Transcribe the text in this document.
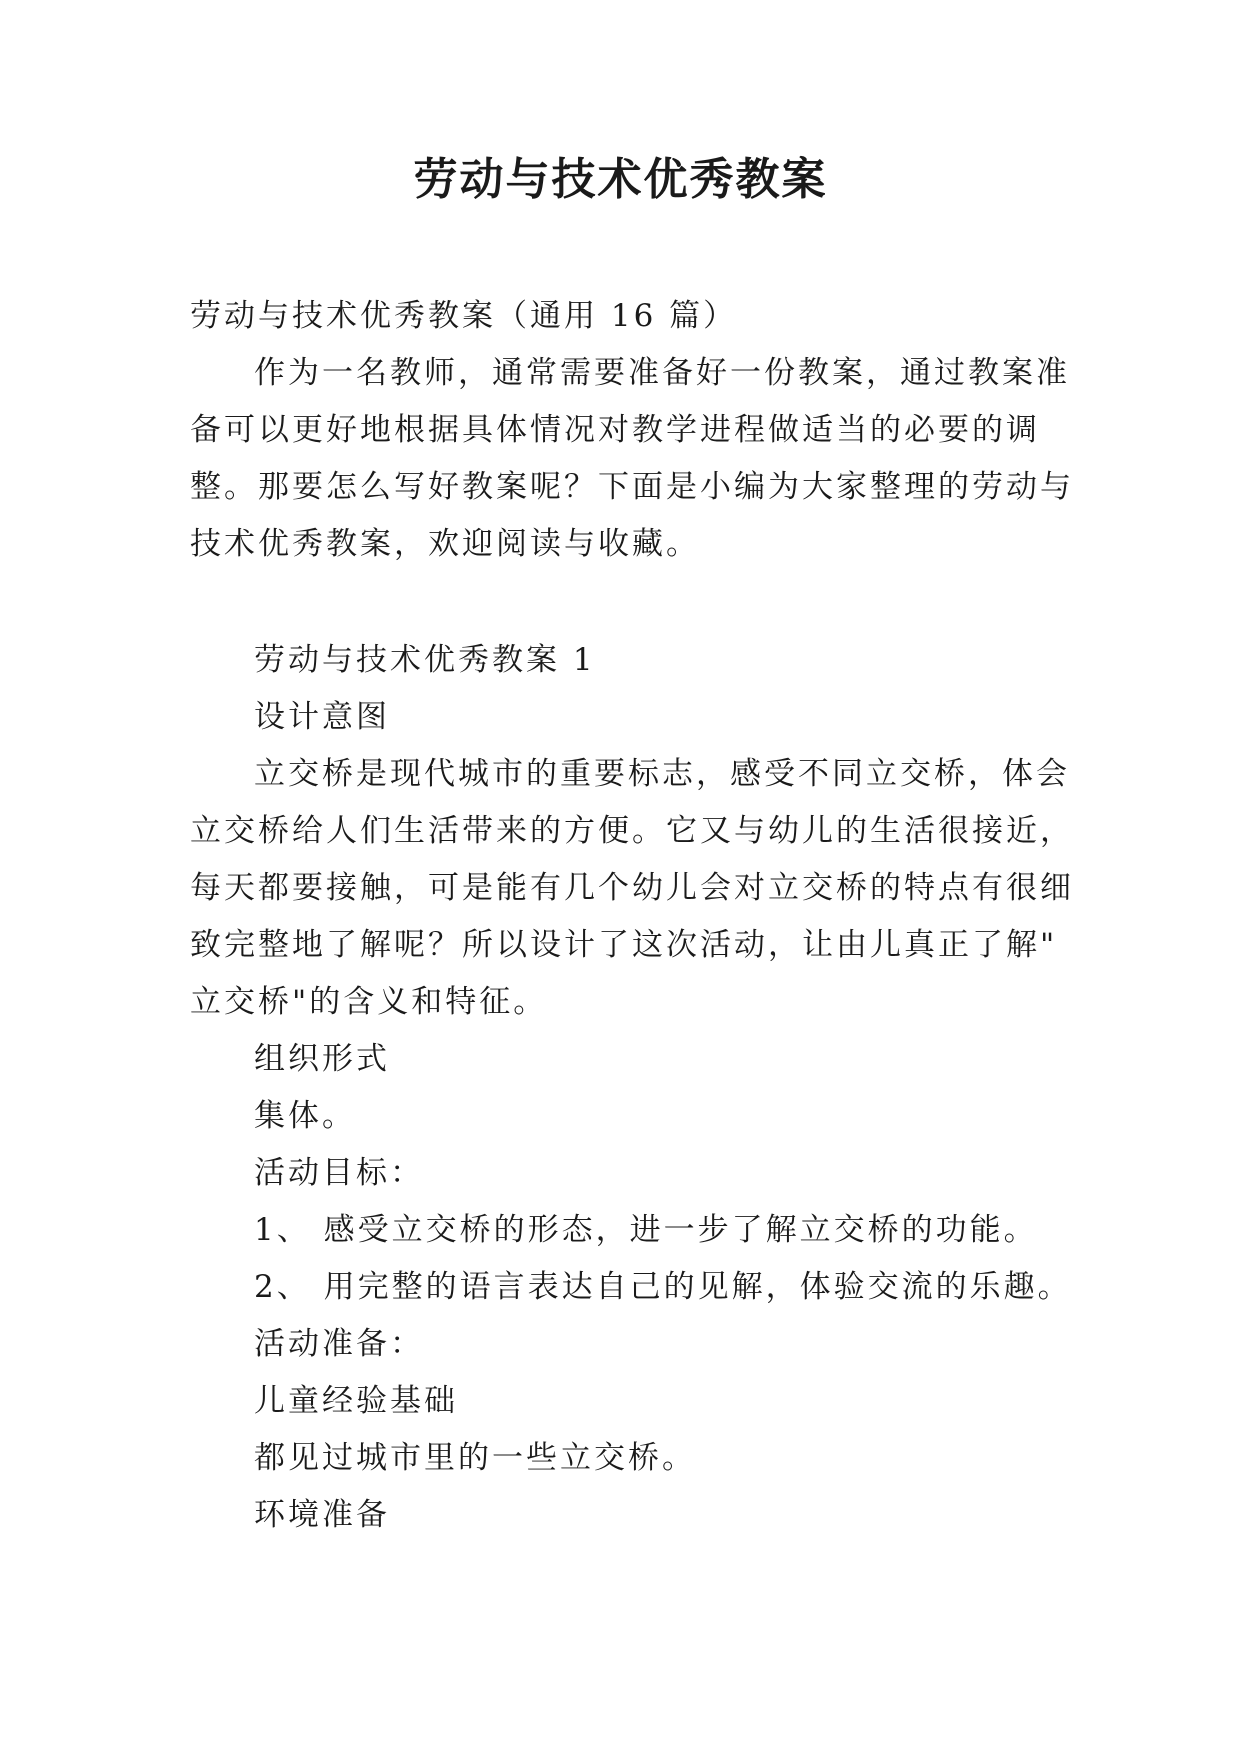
劳动与技术优秀教案
劳动与技术优秀教案（通用 16 篇）
作为一名教师，通常需要准备好一份教案，通过教案准
备可以更好地根据具体情况对教学进程做适当的必要的调
整。那要怎么写好教案呢？下面是小编为大家整理的劳动与
技术优秀教案，欢迎阅读与收藏。
劳动与技术优秀教案 1
设计意图
立交桥是现代城市的重要标志，感受不同立交桥，体会
立交桥给人们生活带来的方便。它又与幼儿的生活很接近，
每天都要接触，可是能有几个幼儿会对立交桥的特点有很细
致完整地了解呢？所以设计了这次活动，让由儿真正了解"
立交桥"的含义和特征。
组织形式
集体。
活动目标：
1、 感受立交桥的形态，进一步了解立交桥的功能。
2、 用完整的语言表达自己的见解，体验交流的乐趣。
活动准备：
儿童经验基础
都见过城市里的一些立交桥。
环境准备
